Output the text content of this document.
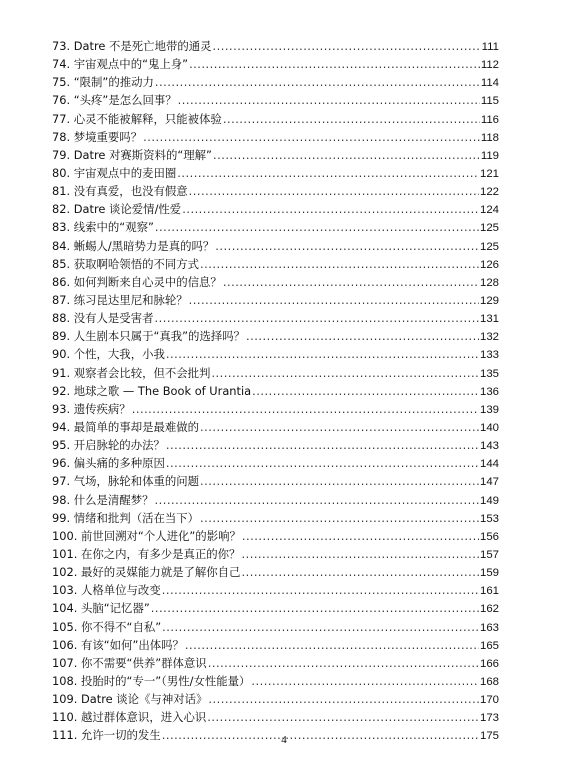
73. Datre 不是死亡地带的通灵 .....	111
74. 宇宙观点中的“鬼上身” .....	112
75. “限制”的推动力 .....	114
76. “头疼”是怎么回事？ .....	115
77. 心灵不能被解释，只能被体验 .....	116
78. 梦境重要吗？ .....	118
79. Datre 对赛斯资料的“理解” .....	119
80. 宇宙观点中的麦田圈 .....	121
81. 没有真爱，也没有假意 .....	122
82. Datre 谈论爱情/性爱 .....	124
83. 线索中的“观察” .....	125
84. 蜥蜴人/黑暗势力是真的吗？ .....	125
85. 获取啊哈领悟的不同方式 .....	126
86. 如何判断来自心灵中的信息？ .....	128
87. 练习昆达里尼和脉轮？ .....	129
88. 没有人是受害者 .....	131
89. 人生剧本只属于“真我”的选择吗？ .....	132
90. 个性，大我，小我 .....	133
91. 观察者会比较，但不会批判 .....	135
92. 地球之歌 — The Book of Urantia .....	136
93. 遗传疾病？ .....	139
94. 最简单的事却是最难做的 .....	140
95. 开启脉轮的办法？ .....	143
96. 偏头痛的多种原因 .....	144
97. 气场，脉轮和体重的问题 .....	147
98. 什么是清醒梦？ .....	149
99. 情绪和批判（活在当下） .....	153
100. 前世回溯对“个人进化”的影响？ .....	156
101. 在你之内，有多少是真正的你？ .....	157
102. 最好的灵媒能力就是了解你自己 .....	159
103. 人格单位与改变 .....	161
104. 头脑“记忆器” .....	162
105. 你不得不“自私” .....	163
106. 有该“如何”出体吗？ .....	165
107. 你不需要“供养”群体意识 .....	166
108. 投胎时的“专一”（男性/女性能量） .....	168
109. Datre 谈论《与神对话》 .....	170
110. 越过群体意识，进入心识 .....	173
111. 允许一切的发生 .....	175
4
